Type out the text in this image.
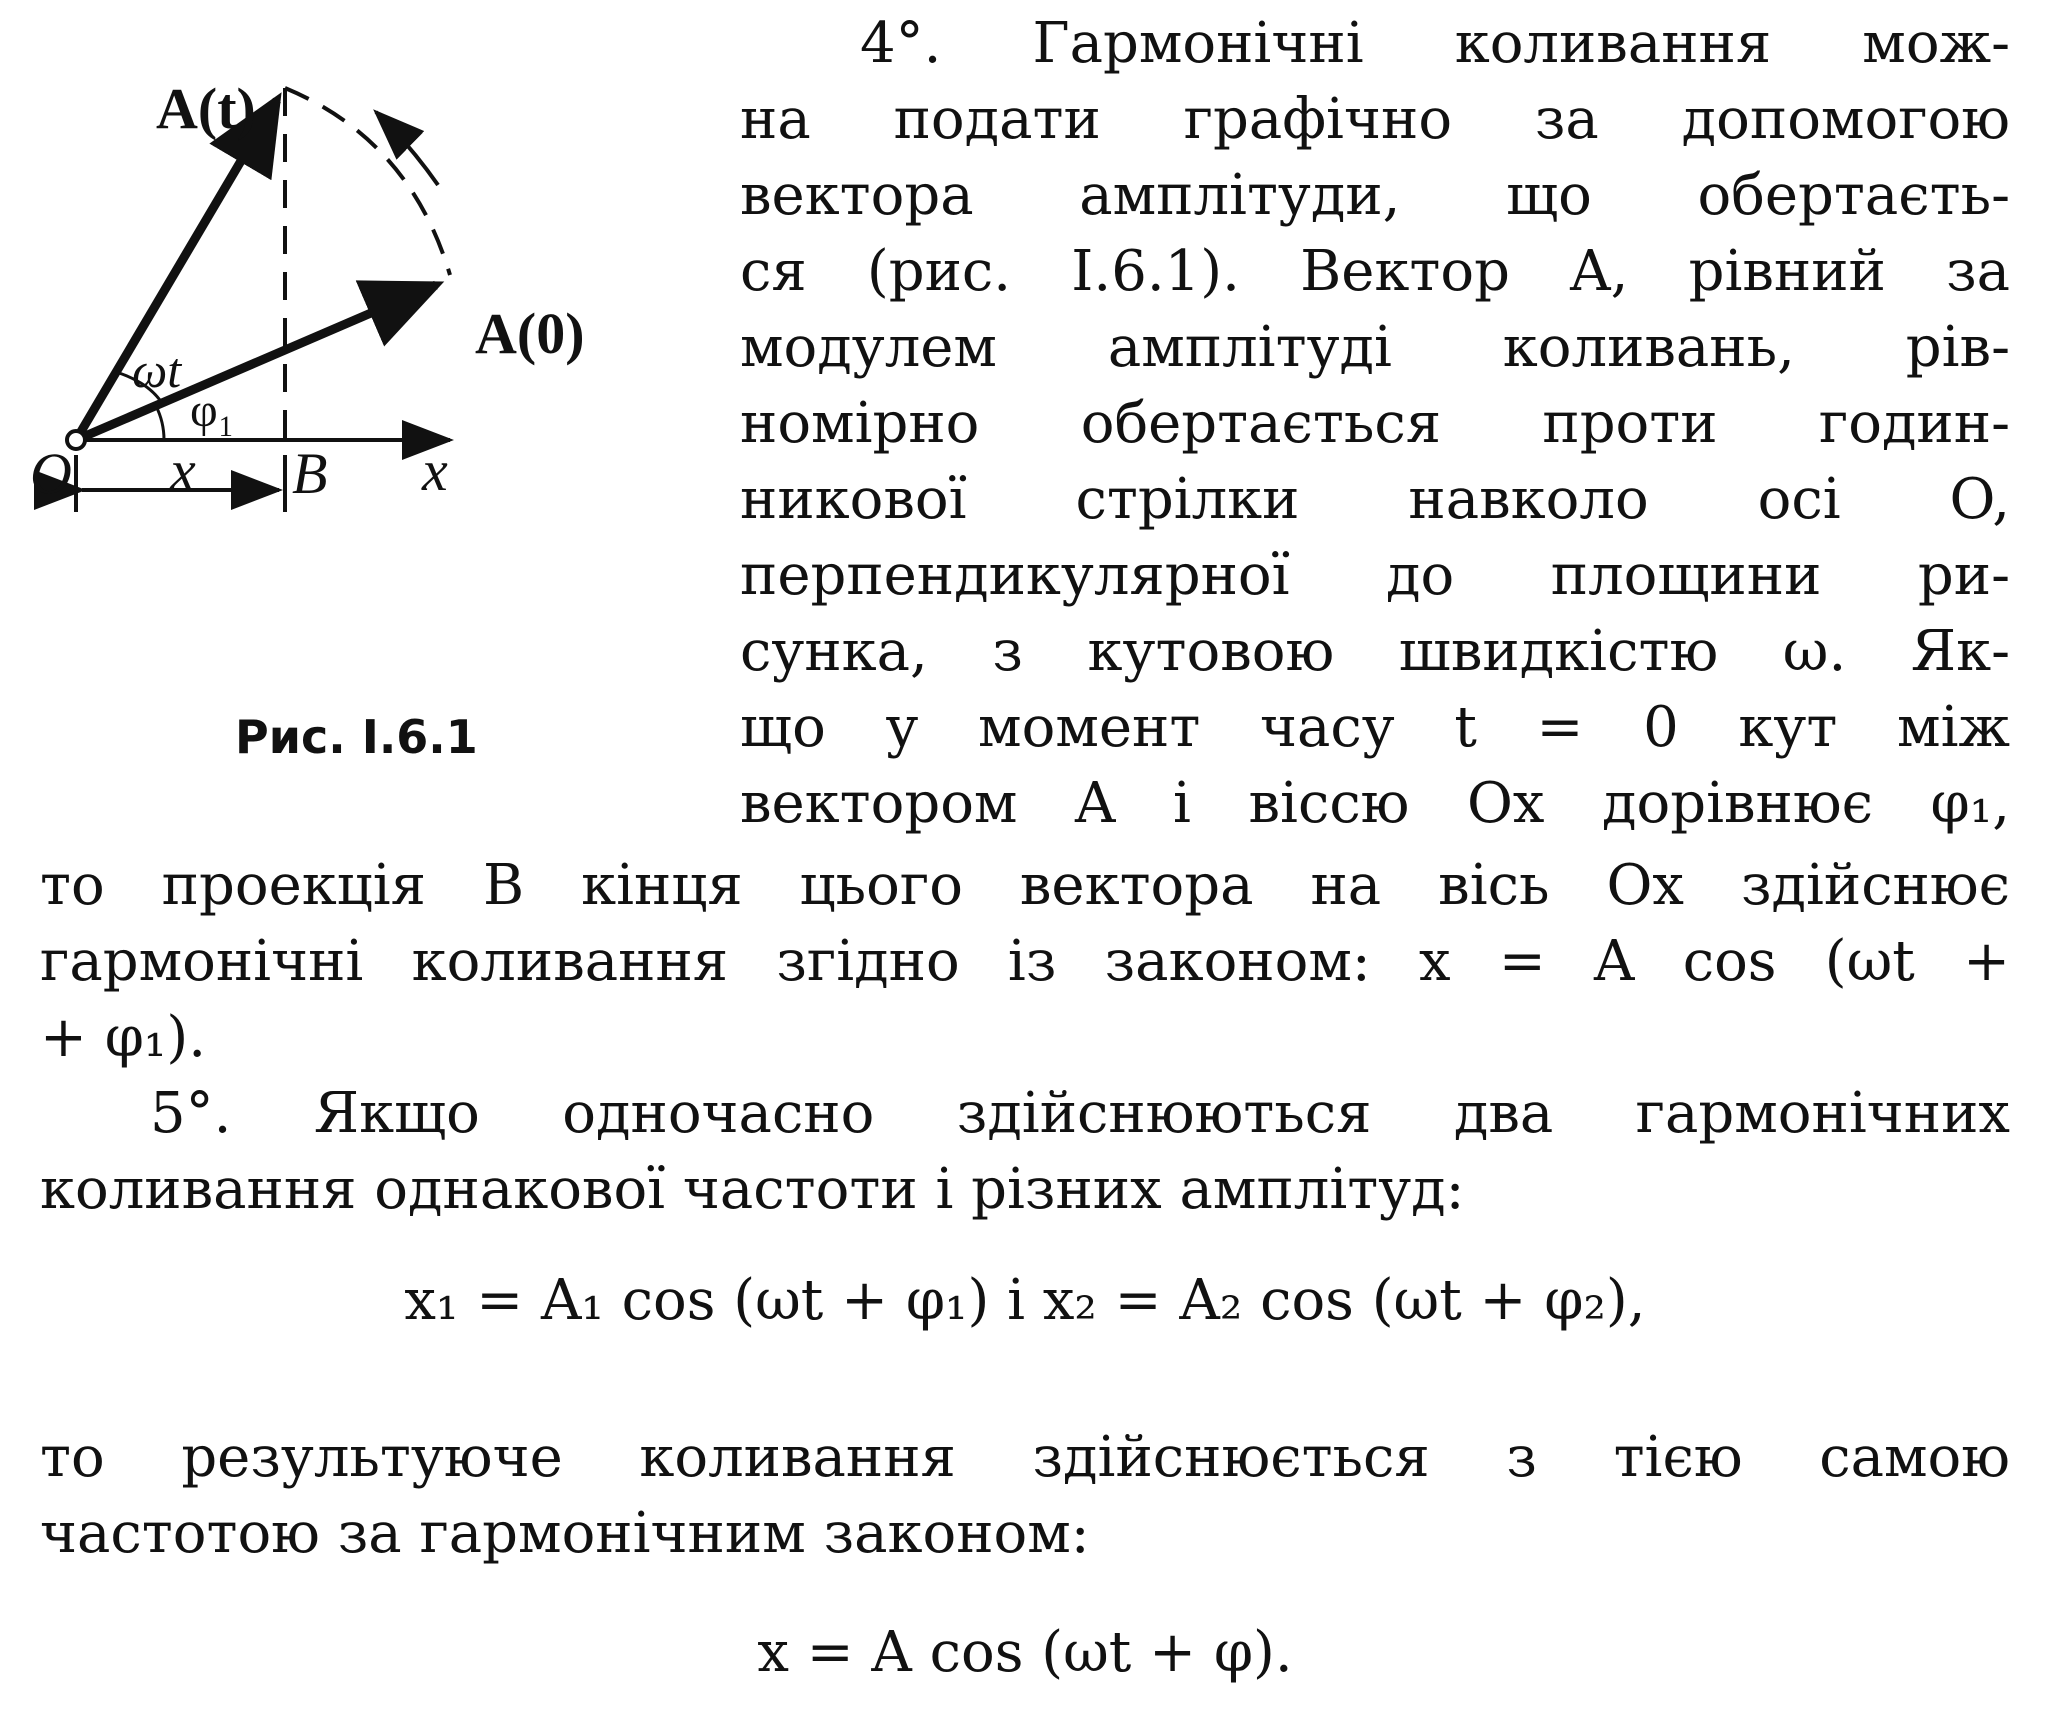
A(t)
A(0)
ωt
φ₁
O x B x
Рис. I.6.1
4°. Гармонічні коливання мож-
на подати графічно за допомогою
вектора амплітуди, що обертаєть-
ся (рис. I.6.1). Вектор A, рівний за
модулем амплітуді коливань, рів-
номірно обертається проти годин-
никової стрілки навколо осі O,
перпендикулярної до площини ри-
сунка, з кутовою швидкістю ω. Як-
що у момент часу t = 0 кут між
вектором A і віссю Ox дорівнює φ₁,
то проекція B кінця цього вектора на вісь Ox здійснює
гармонічні коливання згідно із законом: x = A cos (ωt +
+ φ₁).
5°. Якщо одночасно здійснюються два гармонічних
коливання однакової частоти і різних амплітуд:
x₁ = A₁ cos (ωt + φ₁) і x₂ = A₂ cos (ωt + φ₂),
то результуюче коливання здійснюється з тією самою
частотою за гармонічним законом:
x = A cos (ωt + φ).
